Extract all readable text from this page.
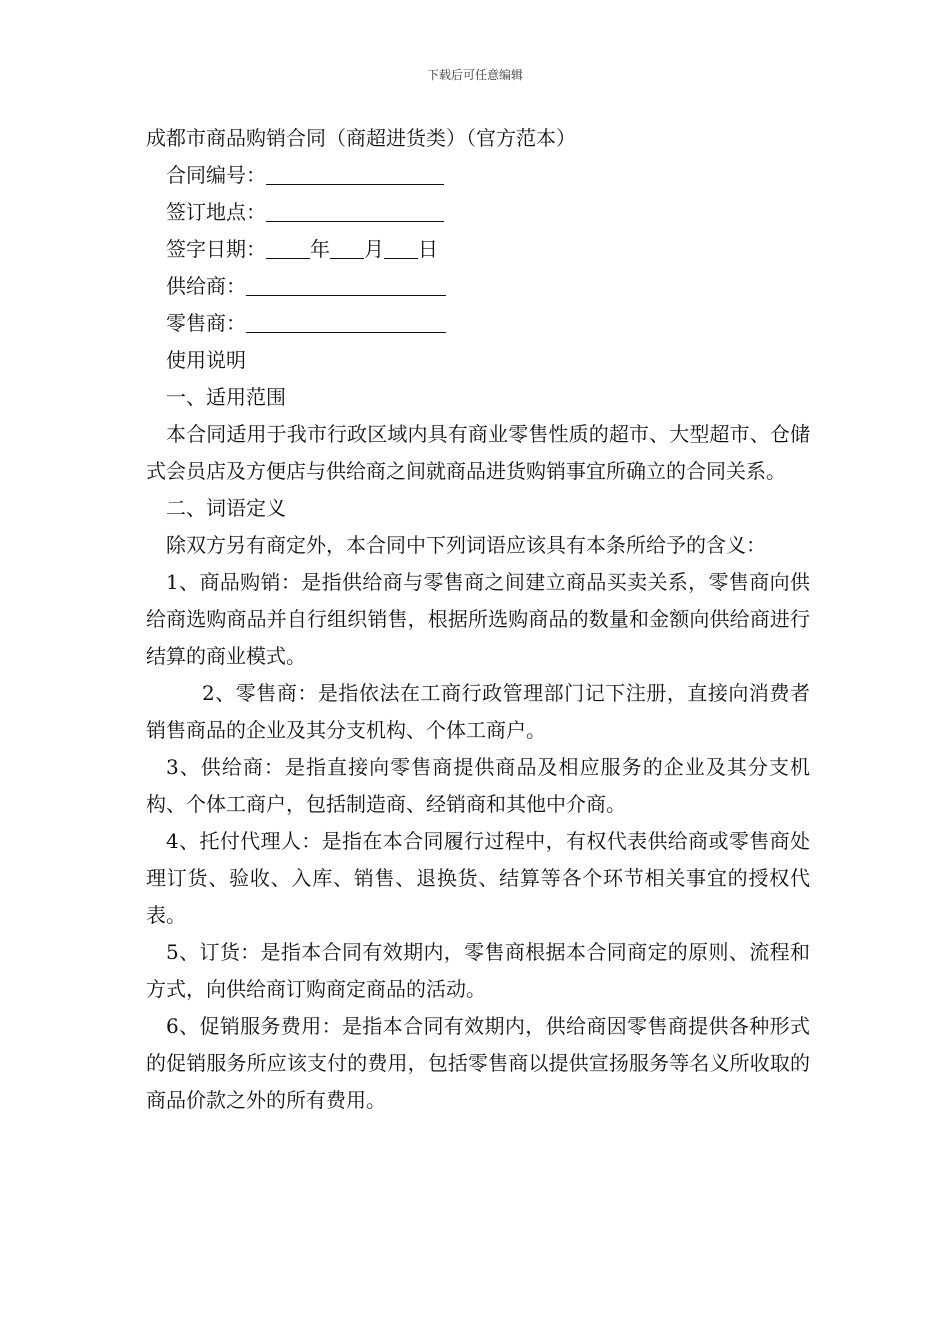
下载后可任意编辑
成都市商品购销合同（商超进货类）（官方范本）
合同编号：
签订地点：
签字日期： 年 月 日
供给商：
零售商：
使用说明
一、适用范围

本合同适用于我市行政区域内具有商业零售性质的超市、大型超市、仓储式会员店及方便店与供给商之间就商品进货购销事宜所确立的合同关系。

二、词语定义

除双方另有商定外，本合同中下列词语应该具有本条所给予的含义：

1、商品购销：是指供给商与零售商之间建立商品买卖关系，零售商向供给商选购商品并自行组织销售，根据所选购商品的数量和金额向供给商进行结算的商业模式。

2、零售商：是指依法在工商行政管理部门记下注册，直接向消费者销售商品的企业及其分支机构、个体工商户。

3、供给商：是指直接向零售商提供商品及相应服务的企业及其分支机构、个体工商户，包括制造商、经销商和其他中介商。

4、托付代理人：是指在本合同履行过程中，有权代表供给商或零售商处理订货、验收、入库、销售、退换货、结算等各个环节相关事宜的授权代表。

5、订货：是指本合同有效期内，零售商根据本合同商定的原则、流程和方式，向供给商订购商定商品的活动。

6、促销服务费用：是指本合同有效期内，供给商因零售商提供各种形式的促销服务所应该支付的费用，包括零售商以提供宣扬服务等名义所收取的商品价款之外的所有费用。
